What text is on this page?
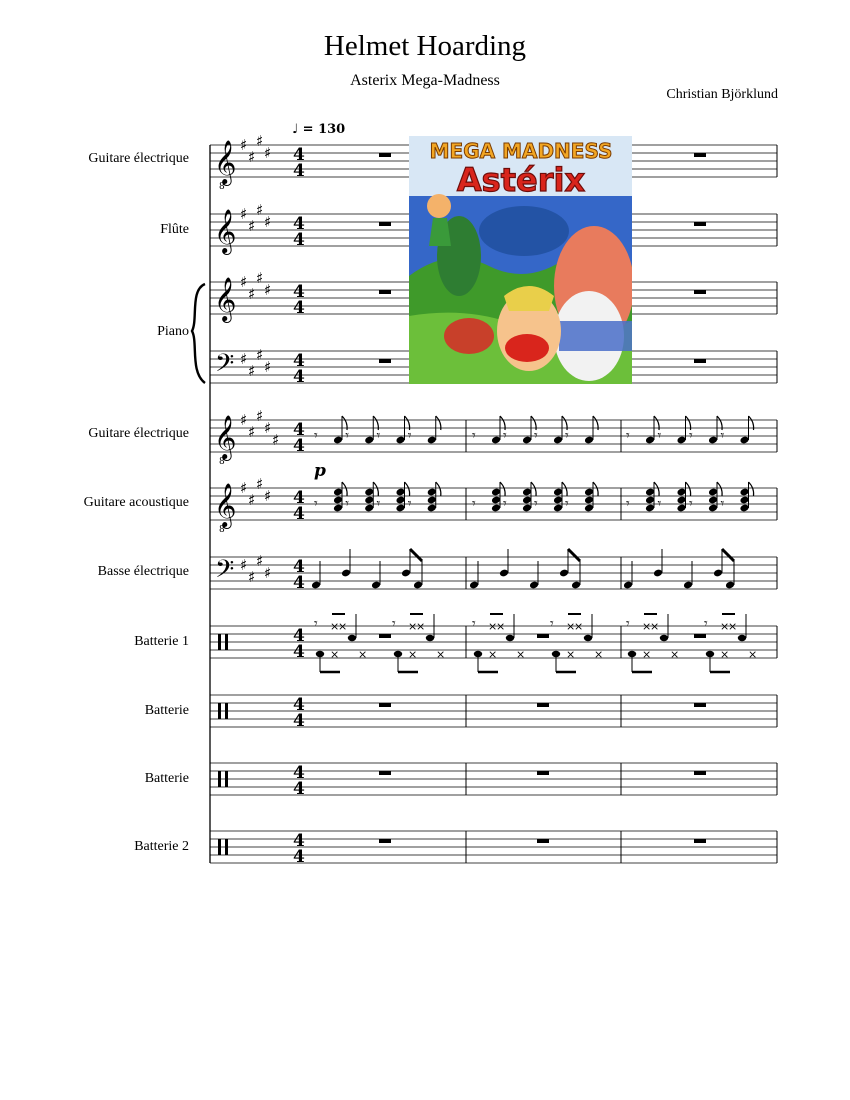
Helmet Hoarding
Asterix Mega-Madness
Christian Björklund
Guitare électrique
Flûte
Piano
Guitare électrique
Guitare acoustique
Basse électrique
Batterie 1
Batterie
Batterie
Batterie 2
♩ = 130
𝄞
8
♯
♯
♯
♯ 4
4
𝄞 ♯
♯
♯
♯ 4
4
𝄞 ♯
♯
♯
♯ 4
4
𝄢 ♯
♯
♯
♯ 4
4
𝄞
8
♯
♯
♯
♯
♯ 4
4
𝄞
8
♯
♯
♯
♯ 4
4
𝄢 ♯
♯
♯
♯ 4
4
4
4
4
4
4
4
4
4
𝄾 𝄾 𝄾 𝄾	𝄾 𝄾 𝄾 𝄾	𝄾 𝄾 𝄾 𝄾
p
𝄾 𝄾 𝄾 𝄾	𝄾 𝄾 𝄾 𝄾	𝄾 𝄾 𝄾 𝄾
𝄾 ×
×
× ×
𝄾 ×
×
× ×
𝄾 ×
×
× ×
𝄾 ×
×
× ×
𝄾 ×
×
× ×
𝄾 ×
×
× ×
MEGA MADNESS
Astérix
